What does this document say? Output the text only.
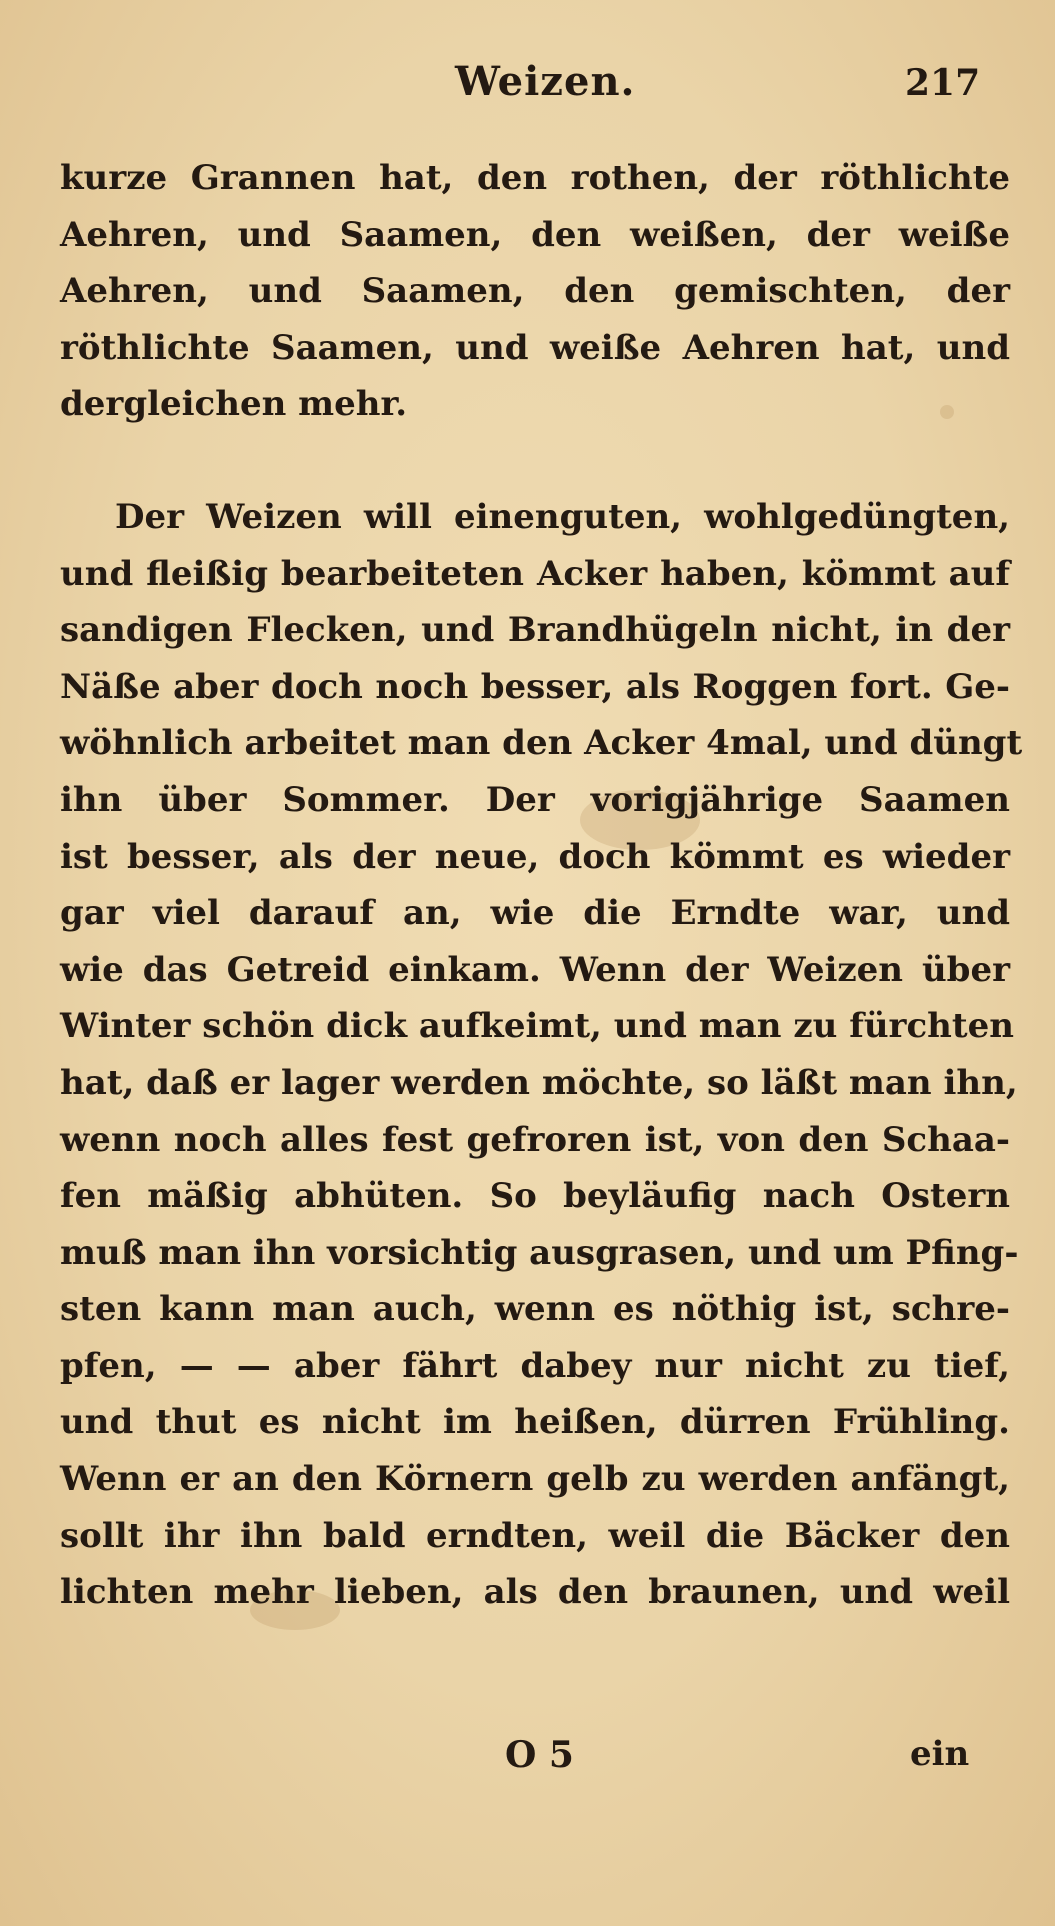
Weizen.	217
kurze Grannen hat, den rothen, der röthlichte
Aehren, und Saamen, den weißen, der weiße
Aehren, und Saamen, den gemischten, der
röthlichte Saamen, und weiße Aehren hat, und
dergleichen mehr.
Der Weizen will einenguten, wohlgedüngten,
und fleißig bearbeiteten Acker haben, kömmt auf
sandigen Flecken, und Brandhügeln nicht, in der
Näße aber doch noch besser, als Roggen fort. Ge-
wöhnlich arbeitet man den Acker 4mal, und düngt
ihn über Sommer. Der vorigjährige Saamen
ist besser, als der neue, doch kömmt es wieder
gar viel darauf an, wie die Erndte war, und
wie das Getreid einkam. Wenn der Weizen über
Winter schön dick aufkeimt, und man zu fürchten
hat, daß er lager werden möchte, so läßt man ihn,
wenn noch alles fest gefroren ist, von den Schaa-
fen mäßig abhüten. So beyläufig nach Ostern
muß man ihn vorsichtig ausgrasen, und um Pfing-
sten kann man auch, wenn es nöthig ist, schre-
pfen, — — aber fährt dabey nur nicht zu tief,
und thut es nicht im heißen, dürren Frühling.
Wenn er an den Körnern gelb zu werden anfängt,
sollt ihr ihn bald erndten, weil die Bäcker den
lichten mehr lieben, als den braunen, und weil
O 5	ein
